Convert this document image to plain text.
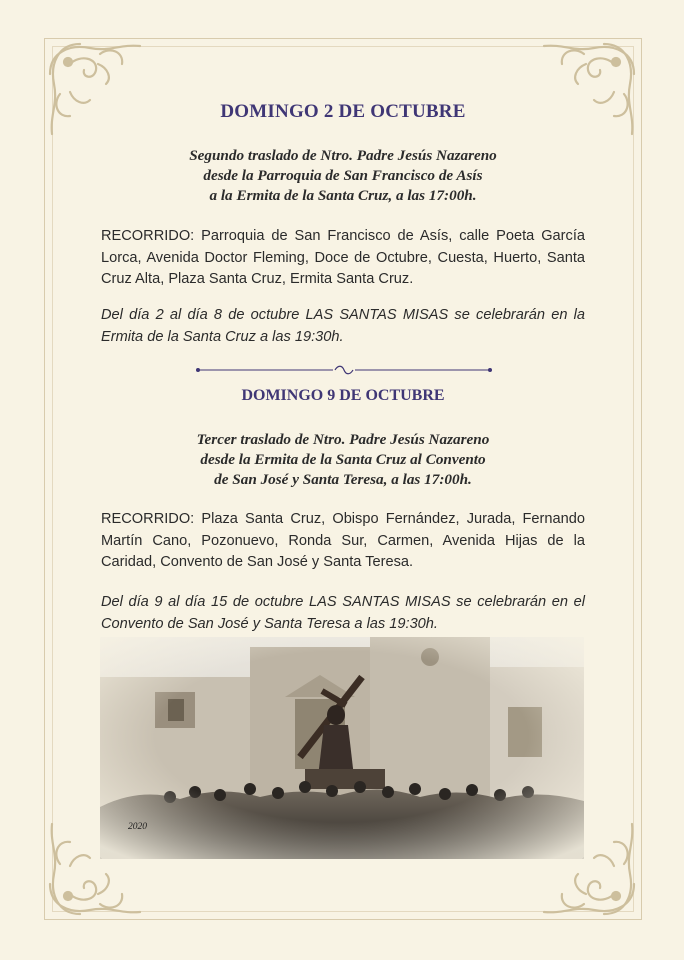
DOMINGO 2 DE OCTUBRE
Segundo traslado de Ntro. Padre Jesús Nazareno
desde la Parroquia de San Francisco de Asís
a la Ermita de la Santa Cruz, a las 17:00h.
RECORRIDO: Parroquia de San Francisco de Asís, calle Poeta García Lorca, Avenida Doctor Fleming, Doce de Octubre, Cuesta, Huerto, Santa Cruz Alta, Plaza Santa Cruz, Ermita Santa Cruz.
Del día 2 al día 8 de octubre LAS SANTAS MISAS se celebrarán en la Ermita de la Santa Cruz a las 19:30h.
DOMINGO 9 DE OCTUBRE
Tercer traslado de Ntro. Padre Jesús Nazareno
desde la Ermita de la Santa Cruz al Convento
de San José y Santa Teresa, a las 17:00h.
RECORRIDO: Plaza Santa Cruz, Obispo Fernández, Jurada, Fernando Martín Cano, Pozonuevo, Ronda Sur, Carmen, Avenida Hijas de la Caridad, Convento de San José y Santa Teresa.
Del día 9 al día 15 de octubre LAS SANTAS MISAS se celebrarán en el Convento de San José y Santa Teresa a las 19:30h.
2020
